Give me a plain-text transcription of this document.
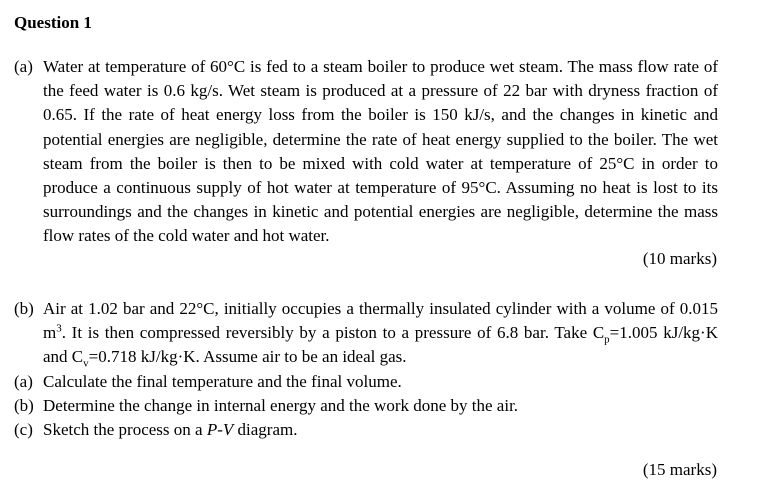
Question 1
(a) Water at temperature of 60°C is fed to a steam boiler to produce wet steam. The mass flow rate of the feed water is 0.6 kg/s. Wet steam is produced at a pressure of 22 bar with dryness fraction of 0.65. If the rate of heat energy loss from the boiler is 150 kJ/s, and the changes in kinetic and potential energies are negligible, determine the rate of heat energy supplied to the boiler. The wet steam from the boiler is then to be mixed with cold water at temperature of 25°C in order to produce a continuous supply of hot water at temperature of 95°C. Assuming no heat is lost to its surroundings and the changes in kinetic and potential energies are negligible, determine the mass flow rates of the cold water and hot water.
(10 marks)
(b) Air at 1.02 bar and 22°C, initially occupies a thermally insulated cylinder with a volume of 0.015 $m^3$. It is then compressed reversibly by a piston to a pressure of 6.8 bar. Take $C_p=1.005$ kJ/kg·K and $C_v=0.718$ kJ/kg·K. Assume air to be an ideal gas.
(a) Calculate the final temperature and the final volume.
(b) Determine the change in internal energy and the work done by the air.
(c) Sketch the process on a P-V diagram.
(15 marks)
